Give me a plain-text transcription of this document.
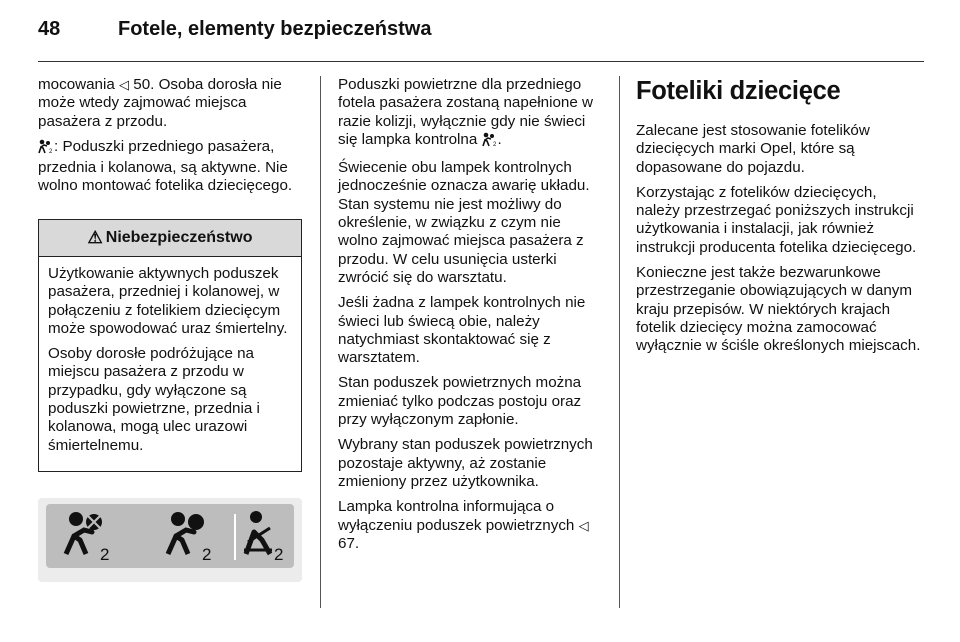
48	Fotele, elementy bezpieczeństwa

mocowania ◁ 50. Osoba dorosła nie może wtedy zajmować miejsca pasażera z przodu.

2 : Poduszki przedniego pasażera, przednia i kolanowa, są aktywne. Nie wolno montować fotelika dziecięcego.

⚠ Niebezpieczeństwo

Użytkowanie aktywnych poduszek pasażera, przedniej i kolanowej, w połączeniu z fotelikiem dziecięcym może spowodować uraz śmiertelny.

Osoby dorosłe podróżujące na miejscu pasażera z przodu w przypadku, gdy wyłączone są poduszki powietrzne, przednia i kolanowa, mogą ulec urazowi śmiertelnemu.

2	2	2

Poduszki powietrzne dla przedniego fotela pasażera zostaną napełnione w razie kolizji, wyłącznie gdy nie świeci się lampka kontrolna 2 .

Świecenie obu lampek kontrolnych jednocześnie oznacza awarię układu. Stan systemu nie jest możliwy do określenie, w związku z czym nie wolno zajmować miejsca pasażera z przodu. W celu usunięcia usterki zwrócić się do warsztatu.

Jeśli żadna z lampek kontrolnych nie świeci lub świecą obie, należy natychmiast skontaktować się z warsztatem.

Stan poduszek powietrznych można zmieniać tylko podczas postoju oraz przy wyłączonym zapłonie.

Wybrany stan poduszek powietrznych pozostaje aktywny, aż zostanie zmieniony przez użytkownika.

Lampka kontrolna informująca o wyłączeniu poduszek powietrznych ◁ 67.

Foteliki dziecięce

Zalecane jest stosowanie fotelików dziecięcych marki Opel, które są dopasowane do pojazdu.

Korzystając z fotelików dziecięcych, należy przestrzegać poniższych instrukcji użytkowania i instalacji, jak również instrukcji producenta fotelika dziecięcego.

Konieczne jest także bezwarunkowe przestrzeganie obowiązujących w danym kraju przepisów. W niektórych krajach fotelik dziecięcy można zamocować wyłącznie w ściśle określonych miejscach.
